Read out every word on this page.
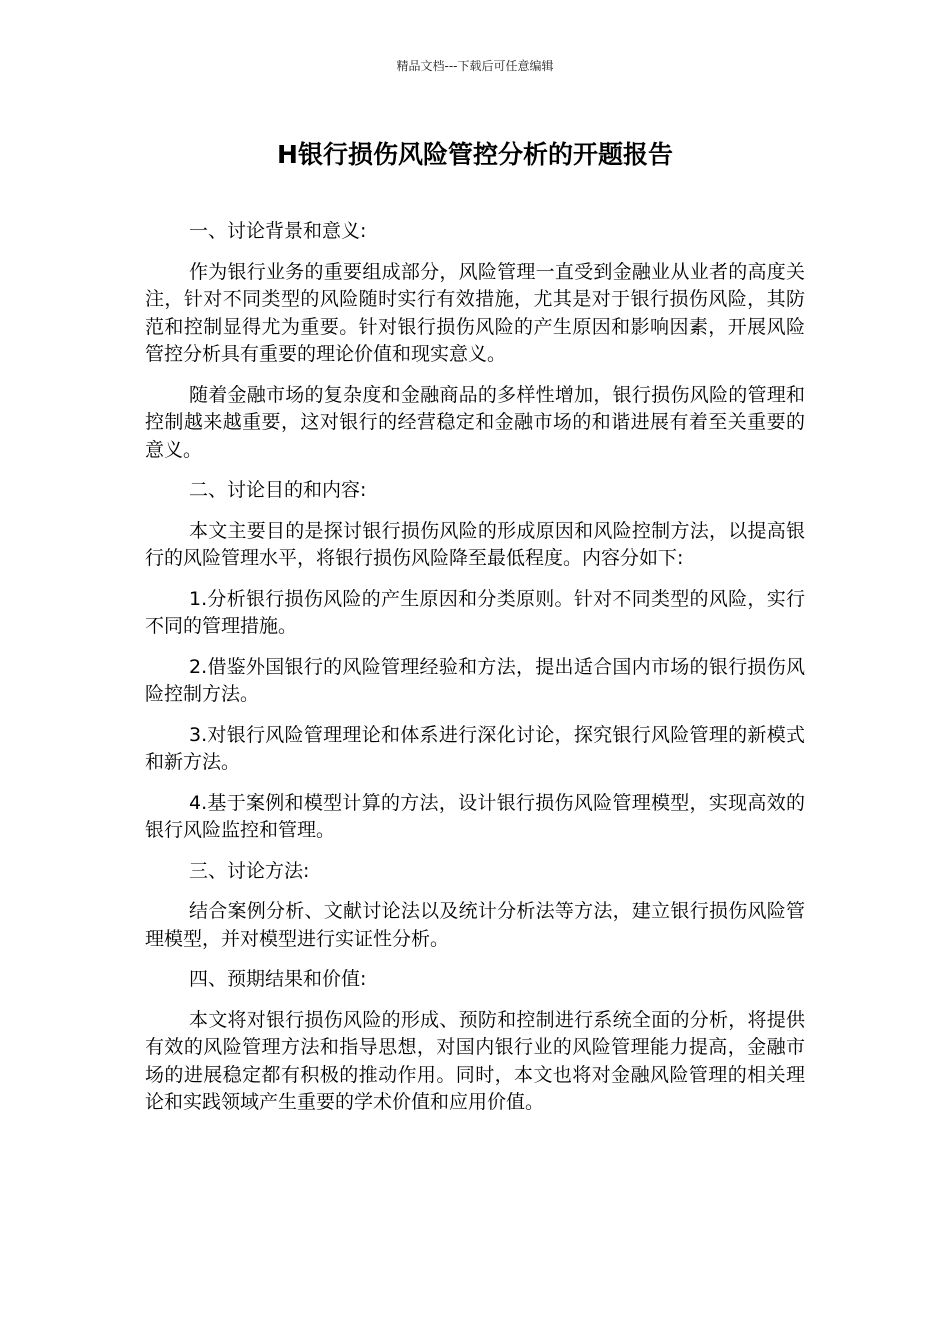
精品文档---下载后可任意编辑
H银行损伤风险管控分析的开题报告

一、讨论背景和意义:

作为银行业务的重要组成部分，风险管理一直受到金融业从业者的高度关注，针对不同类型的风险随时实行有效措施，尤其是对于银行损伤风险，其防范和控制显得尤为重要。针对银行损伤风险的产生原因和影响因素，开展风险管控分析具有重要的理论价值和现实意义。

随着金融市场的复杂度和金融商品的多样性增加，银行损伤风险的管理和控制越来越重要，这对银行的经营稳定和金融市场的和谐进展有着至关重要的意义。

二、讨论目的和内容:

本文主要目的是探讨银行损伤风险的形成原因和风险控制方法，以提高银行的风险管理水平，将银行损伤风险降至最低程度。内容分如下:

1.分析银行损伤风险的产生原因和分类原则。针对不同类型的风险，实行不同的管理措施。

2.借鉴外国银行的风险管理经验和方法，提出适合国内市场的银行损伤风险控制方法。

3.对银行风险管理理论和体系进行深化讨论，探究银行风险管理的新模式和新方法。

4.基于案例和模型计算的方法，设计银行损伤风险管理模型，实现高效的银行风险监控和管理。

三、讨论方法:

结合案例分析、文献讨论法以及统计分析法等方法，建立银行损伤风险管理模型，并对模型进行实证性分析。

四、预期结果和价值:

本文将对银行损伤风险的形成、预防和控制进行系统全面的分析，将提供有效的风险管理方法和指导思想，对国内银行业的风险管理能力提高，金融市场的进展稳定都有积极的推动作用。同时，本文也将对金融风险管理的相关理论和实践领域产生重要的学术价值和应用价值。
